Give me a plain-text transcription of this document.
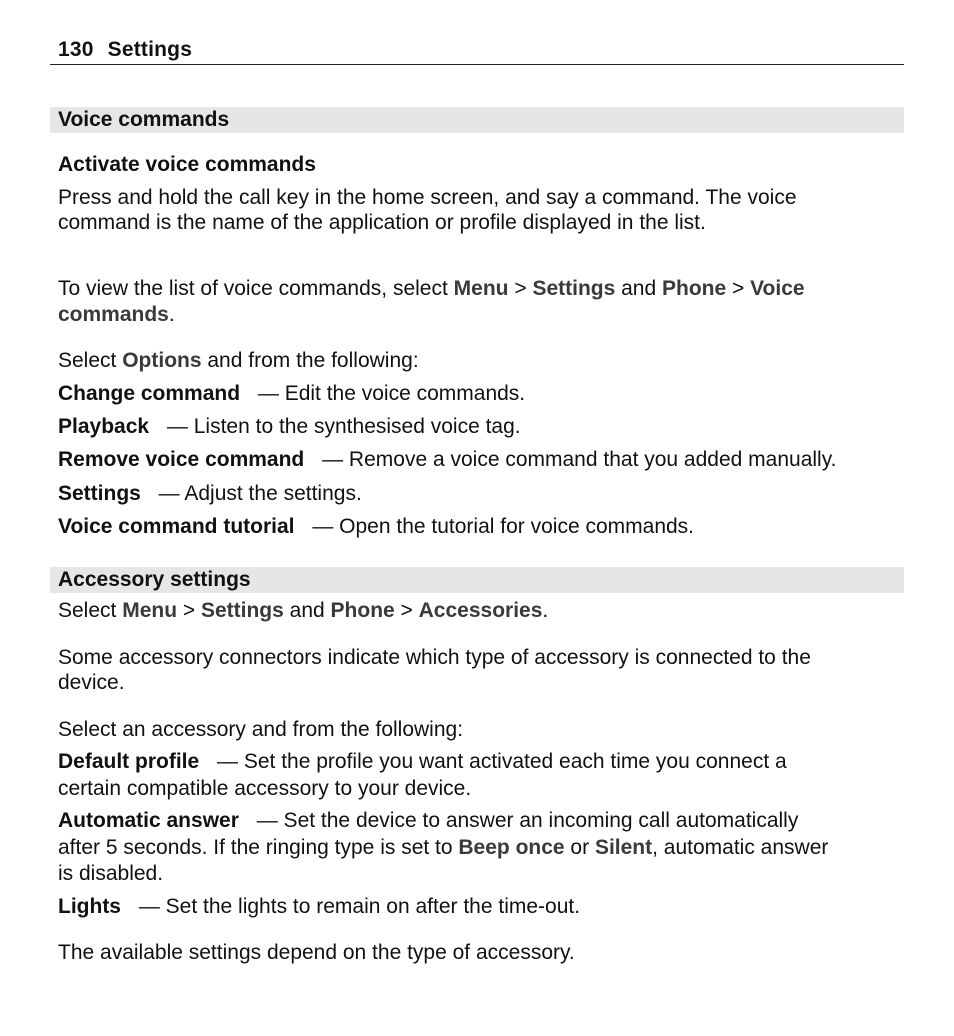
130 Settings
Voice commands
Activate voice commands
Press and hold the call key in the home screen, and say a command. The voice
command is the name of the application or profile displayed in the list.
To view the list of voice commands, select Menu > Settings and Phone > Voice
commands.
Select Options and from the following:
Change command — Edit the voice commands.
Playback — Listen to the synthesised voice tag.
Remove voice command — Remove a voice command that you added manually.
Settings — Adjust the settings.
Voice command tutorial — Open the tutorial for voice commands.
Accessory settings
Select Menu > Settings and Phone > Accessories.
Some accessory connectors indicate which type of accessory is connected to the
device.
Select an accessory and from the following:
Default profile — Set the profile you want activated each time you connect a
certain compatible accessory to your device.
Automatic answer — Set the device to answer an incoming call automatically
after 5 seconds. If the ringing type is set to Beep once or Silent, automatic answer
is disabled.
Lights — Set the lights to remain on after the time-out.
The available settings depend on the type of accessory.
